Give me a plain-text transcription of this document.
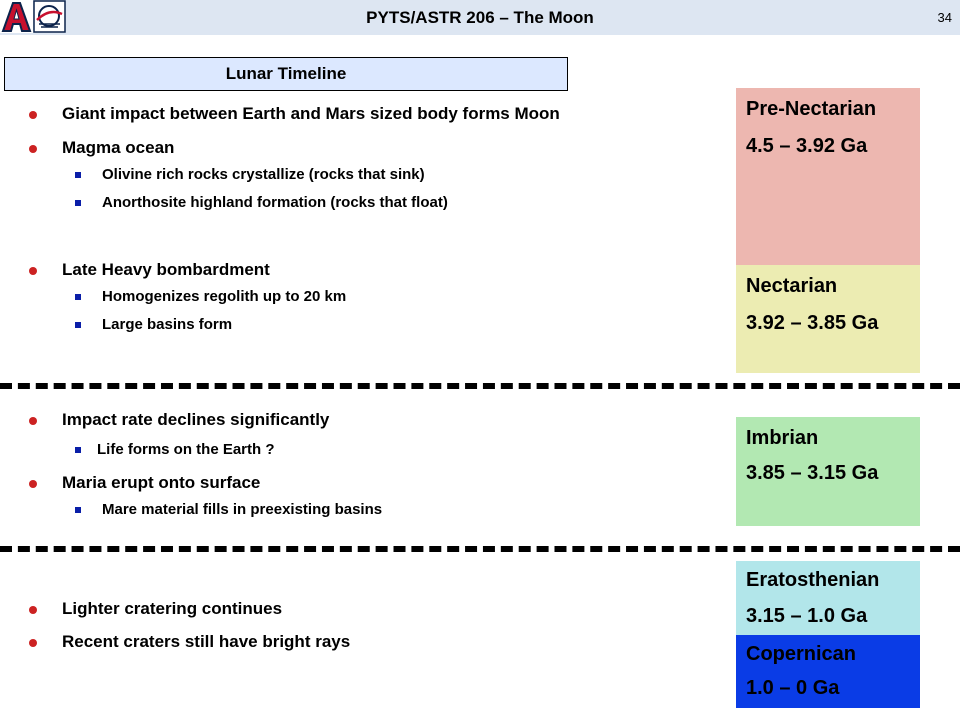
PYTS/ASTR 206 – The Moon	34
Lunar Timeline
Giant impact between Earth and Mars sized body forms Moon
Magma ocean
Olivine rich rocks crystallize (rocks that sink)
Anorthosite highland formation (rocks that float)
Late Heavy bombardment
Homogenizes regolith up to 20 km
Large basins form
Impact rate declines significantly
Life forms on the Earth ?
Maria erupt onto surface
Mare material fills in preexisting basins
Lighter cratering continues
Recent craters still have bright rays
Pre-Nectarian
4.5 – 3.92 Ga
Nectarian
3.92 – 3.85 Ga
Imbrian
3.85 – 3.15 Ga
Eratosthenian
3.15 – 1.0 Ga
Copernican
1.0 – 0 Ga
